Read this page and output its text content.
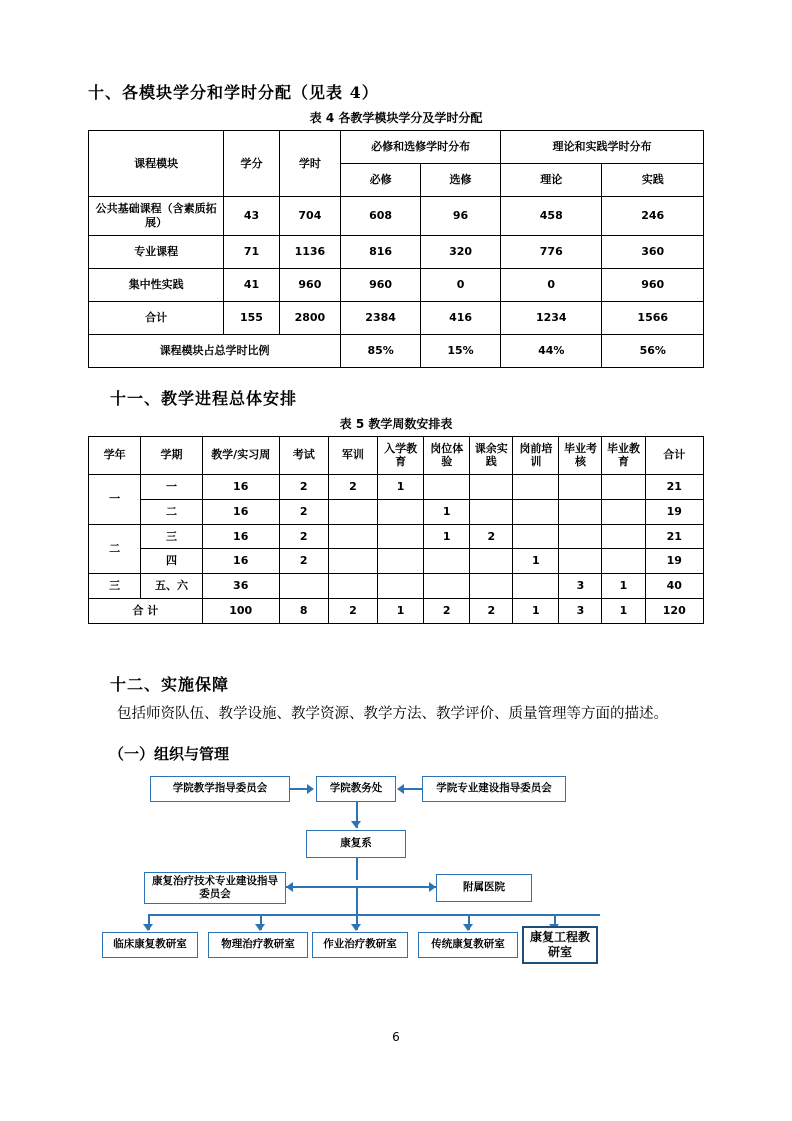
十、各模块学分和学时分配（见表 4）
表 4 各教学模块学分及学时分配
课程模块	学分	学时	必修和选修学时分布		理论和实践学时分布	
			必修	选修	理论	实践
公共基础课程（含素质拓展）	43	704	608	96	458	246
专业课程	71	1136	816	320	776	360
集中性实践	41	960	960	0	0	960
合计	155	2800	2384	416	1234	1566
课程模块占总学时比例			85%	15%	44%	56%
十一、教学进程总体安排
表 5 教学周数安排表
学年	学期	教学/实习周	考试	军训	入学教育	岗位体验	课余实践	岗前培训	毕业考核	毕业教育	合计
一	一	16	2	2	1						21
	二	16	2			1					19
二	三	16	2			1	2				21
	四	16	2					1			19
三	五、六	36							3	1	40
合 计		100	8	2	1	2	2	1	3	1	120
十二、实施保障

包括师资队伍、教学设施、教学资源、教学方法、教学评价、质量管理等方面的描述。

（一）组织与管理
学院教学指导委员会	学院教务处	学院专业建设指导委员会
康复系
康复治疗技术专业建设指导委员会
附属医院
临床康复教研室	物理治疗教研室	作业治疗教研室	传统康复教研室
康复工程教研室
6
